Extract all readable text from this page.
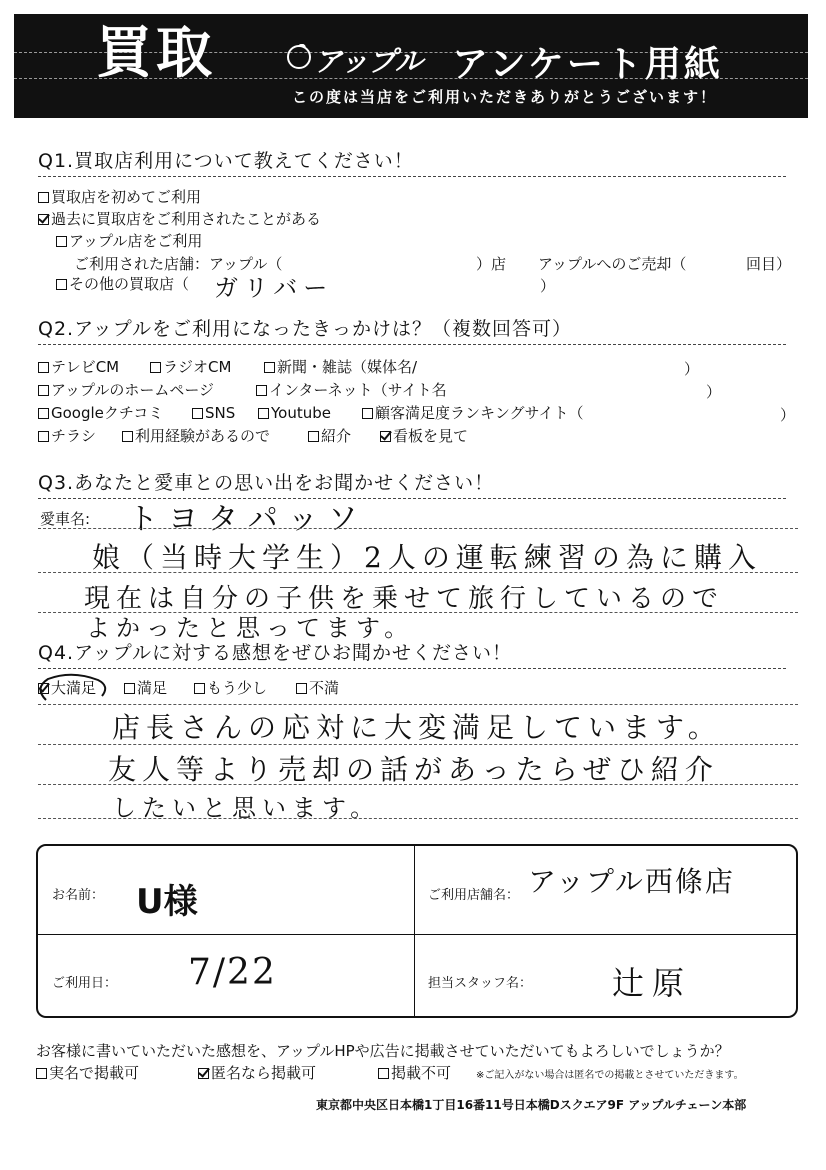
買取	アップル アンケート用紙
この度は当店をご利用いただきありがとうございます！
Q1.買取店利用について教えてください！
買取店を初めてご利用
過去に買取店をご利用されたことがある
アップル店をご利用
ご利用された店舗：アップル（	）店 アップルへのご売却（	回目）
その他の買取店（	）
ガリバー
Q2.アップルをご利用になったきっかけは？（複数回答可）
テレビCM	ラジオCM	新聞・雑誌（媒体名/	）
アップルのホームページ	インターネット（サイト名	）
Googleクチコミ	SNS	Youtube	顧客満足度ランキングサイト（	）
チラシ	利用経験があるので	紹介	看板を見て
Q3.あなたと愛車との思い出をお聞かせください！
愛車名: トヨタパッソ
娘（当時大学生）2人の運転練習の為に購入
現在は自分の子供を乗せて旅行しているので
よかったと思ってます。
Q4.アップルに対する感想をぜひお聞かせください！
大満足	満足	もう少し	不満
店長さんの応対に大変満足しています。
友人等より売却の話があったらぜひ紹介
したいと思います。
お名前： U様	ご利用店舗名： アップル西條店
ご利用日： 7/22	担当スタッフ名： 辻原
お客様に書いていただいた感想を、アップルHPや広告に掲載させていただいてもよろしいでしょうか？
実名で掲載可	匿名なら掲載可	掲載不可 ※ご記入がない場合は匿名での掲載とさせていただきます。
東京都中央区日本橋1丁目16番11号日本橋Dスクエア9F アップルチェーン本部
